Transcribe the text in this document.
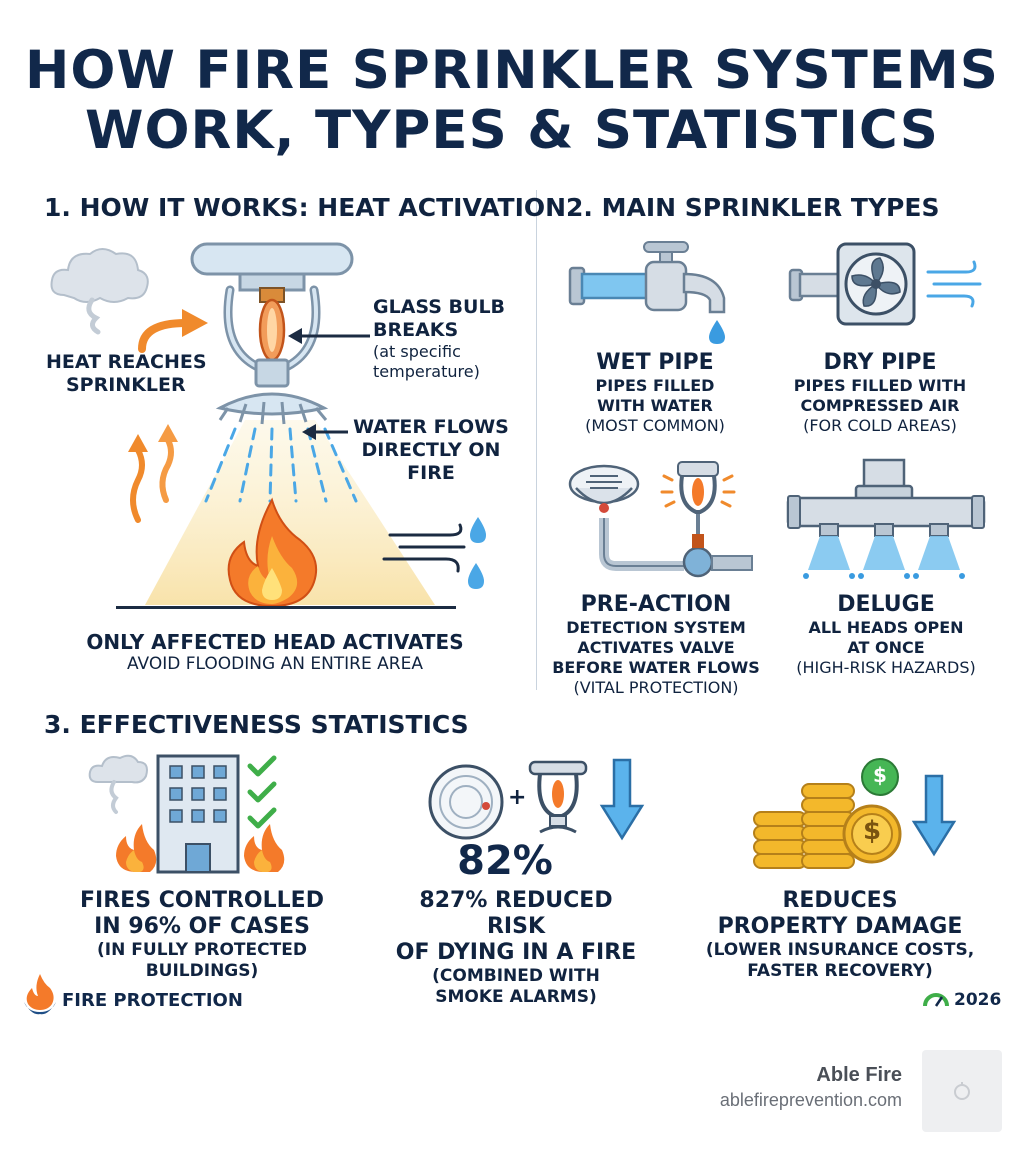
HOW FIRE SPRINKLER SYSTEMS
WORK, TYPES & STATISTICS
1. HOW IT WORKS: HEAT ACTIVATION
HEAT REACHES
SPRINKLER
GLASS BULB
BREAKS
(at specific
temperature)
WATER FLOWS
DIRECTLY ON
FIRE
ONLY AFFECTED HEAD ACTIVATES
AVOID FLOODING AN ENTIRE AREA
2. MAIN SPRINKLER TYPES
WET PIPE
PIPES FILLED
WITH WATER
(MOST COMMON)
DRY PIPE
PIPES FILLED WITH
COMPRESSED AIR
(FOR COLD AREAS)
PRE-ACTION
DETECTION SYSTEM
ACTIVATES VALVE
BEFORE WATER FLOWS
(VITAL PROTECTION)
DELUGE
ALL HEADS OPEN
AT ONCE
(HIGH-RISK HAZARDS)
3. EFFECTIVENESS STATISTICS
FIRES CONTROLLED
IN 96% OF CASES
(IN FULLY PROTECTED
BUILDINGS)
+
82%
827% REDUCED RISK
OF DYING IN A FIRE
(COMBINED WITH
SMOKE ALARMS)
$
$
REDUCES
PROPERTY DAMAGE
(LOWER INSURANCE COSTS,
FASTER RECOVERY)
FIRE PROTECTION	2026
Able Fire
ablefireprevention.com
